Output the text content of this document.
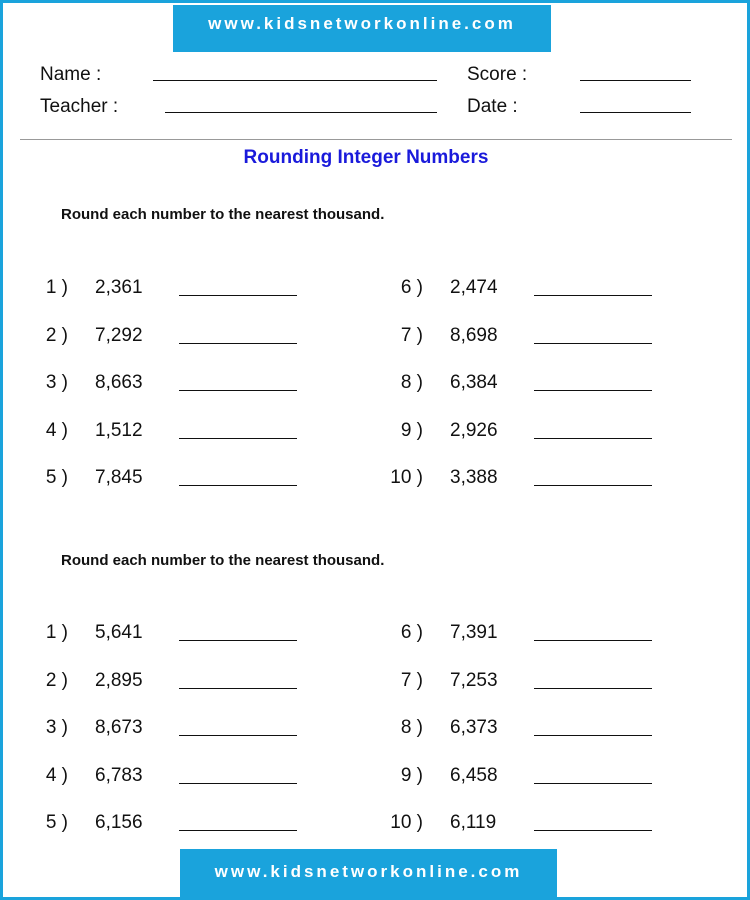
www.kidsnetworkonline.com
Name :	Score :
Teacher :	Date :
Rounding Integer Numbers
Round each number to the nearest thousand.
Round each number to the nearest thousand.
1 ) 2,361
2 ) 7,292
3 ) 8,663
4 ) 1,512
5 ) 7,845
6 ) 2,474
7 ) 8,698
8 ) 6,384
9 ) 2,926
10 ) 3,388
1 ) 5,641
2 ) 2,895
3 ) 8,673
4 ) 6,783
5 ) 6,156
6 ) 7,391
7 ) 7,253
8 ) 6,373
9 ) 6,458
10 ) 6,119
www.kidsnetworkonline.com
